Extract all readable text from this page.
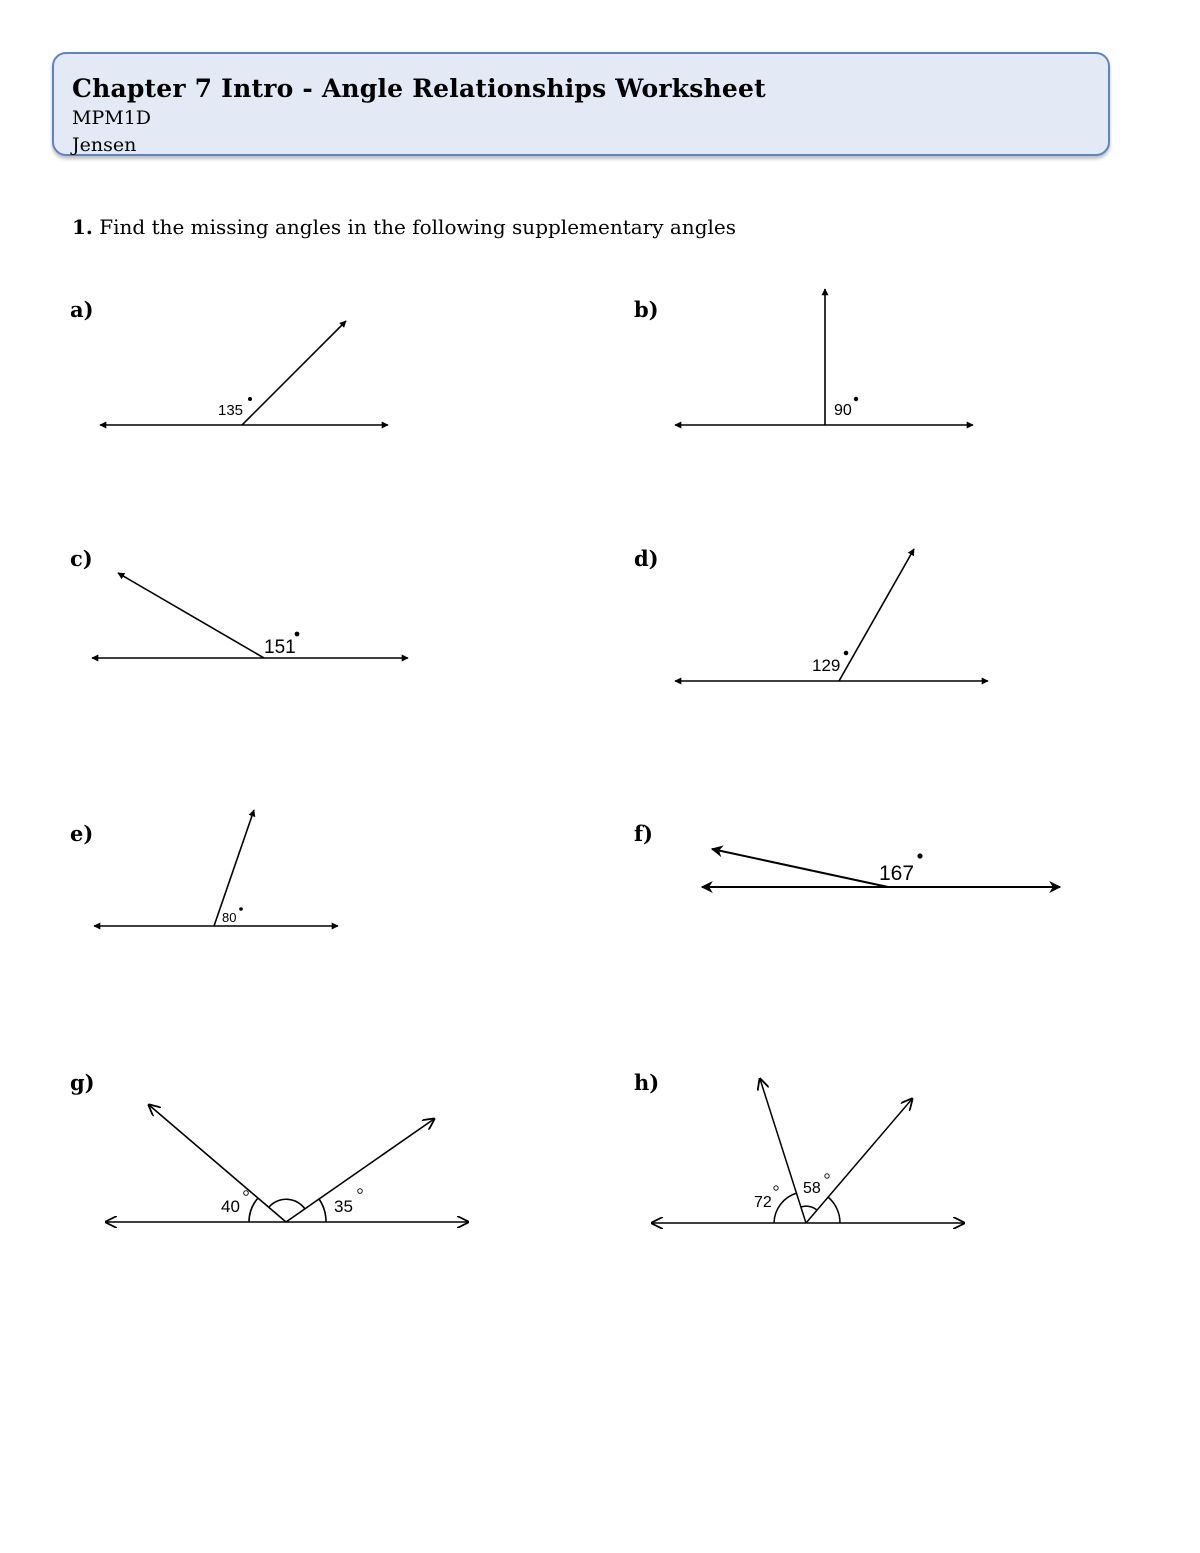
Chapter 7 Intro - Angle Relationships Worksheet
MPM1D
Jensen
1. Find the missing angles in the following supplementary angles
a)	b)
c)	d)
e)	f)
g)	h)
135	90
151
129
80
167
40	35	72
58
